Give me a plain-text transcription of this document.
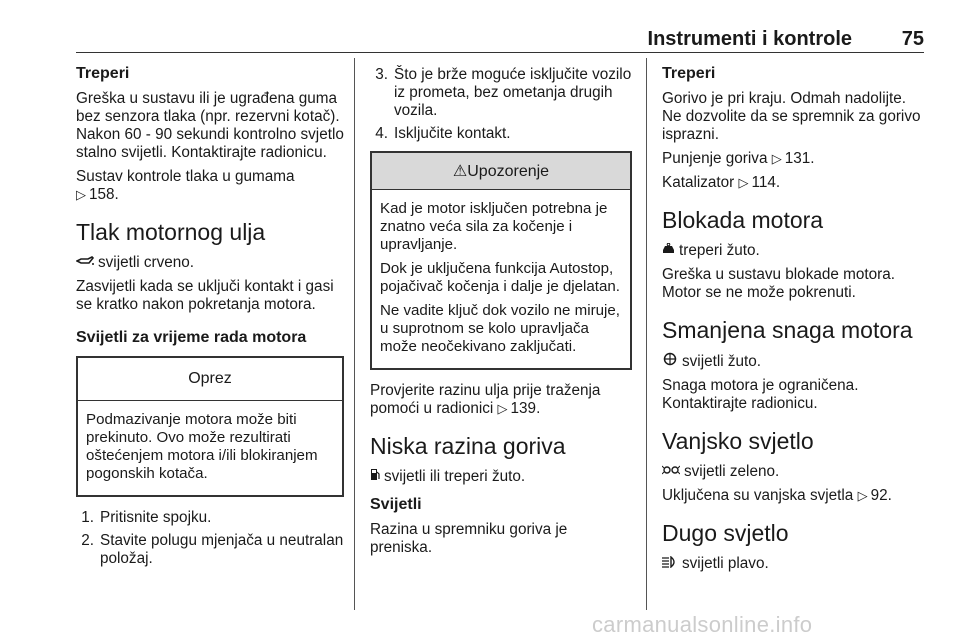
Instrumenti i kontrole 75
Treperi

Greška u sustavu ili je ugrađena guma bez senzora tlaka (npr. rezervni kotač). Nakon 60 - 90 sekundi kontrolno svjetlo stalno svijetli. Kontaktirajte radionicu.

Sustav kontrole tlaka u gumama
▷ 158.

Tlak motornog ulja
svijetli crveno.

Zasvijetli kada se uključi kontakt i gasi se kratko nakon pokretanja motora.

Svijetli za vrijeme rada motora
Oprez

Podmazivanje motora može biti prekinuto. Ovo može rezultirati oštećenjem motora i/ili blokiranjem pogonskih kotača.

1. Pritisnite spojku.
2. Stavite polugu mjenjača u neutralan položaj.
3. Što je brže moguće isključite vozilo iz prometa, bez ometanja drugih vozila.
4. Isključite kontakt.
⚠Upozorenje

Kad je motor isključen potrebna je znatno veća sila za kočenje i upravljanje.

Dok je uključena funkcija Autostop, pojačivač kočenja i dalje je djelatan.

Ne vadite ključ dok vozilo ne miruje, u suprotnom se kolo upravljača može neočekivano zaključati.

Provjerite razinu ulja prije traženja pomoći u radionici ▷ 139.

Niska razina goriva
svijetli ili treperi žuto.
Svijetli

Razina u spremniku goriva je preniska.

Treperi

Gorivo je pri kraju. Odmah nadolijte. Ne dozvolite da se spremnik za gorivo isprazni.

Punjenje goriva ▷ 131.

Katalizator ▷ 114.

Blokada motora
treperi žuto.

Greška u sustavu blokade motora. Motor se ne može pokrenuti.

Smanjena snaga motora
svijetli žuto.

Snaga motora je ograničena. Kontaktirajte radionicu.

Vanjsko svjetlo
svijetli zeleno.

Uključena su vanjska svjetla ▷ 92.

Dugo svjetlo
svijetli plavo.
carmanualsonline.info
